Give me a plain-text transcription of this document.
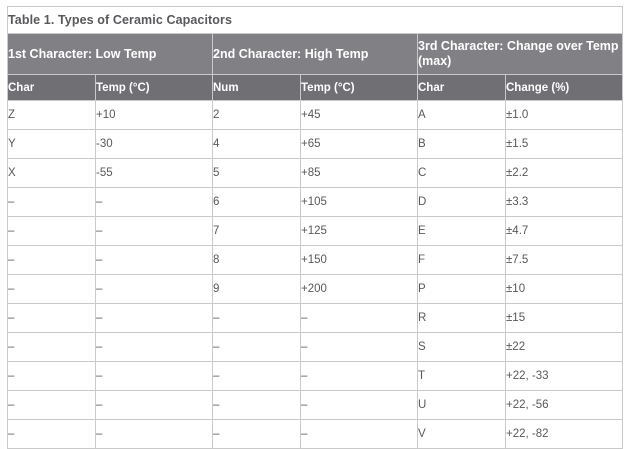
Table 1. Types of Ceramic Capacitors					
1st Character: Low Temp		2nd Character: High Temp		3rd Character: Change over Temp (max)	
Char	Temp (°C)	Num	Temp (°C)	Char	Change (%)
Z	+10	2	+45	A	±1.0
Y	-30	4	+65	B	±1.5
X	-55	5	+85	C	±2.2
–	–	6	+105	D	±3.3
–	–	7	+125	E	±4.7
–	–	8	+150	F	±7.5
–	–	9	+200	P	±10
–	–	–	–	R	±15
–	–	–	–	S	±22
–	–	–	–	T	+22, -33
–	–	–	–	U	+22, -56
–	–	–	–	V	+22, -82
